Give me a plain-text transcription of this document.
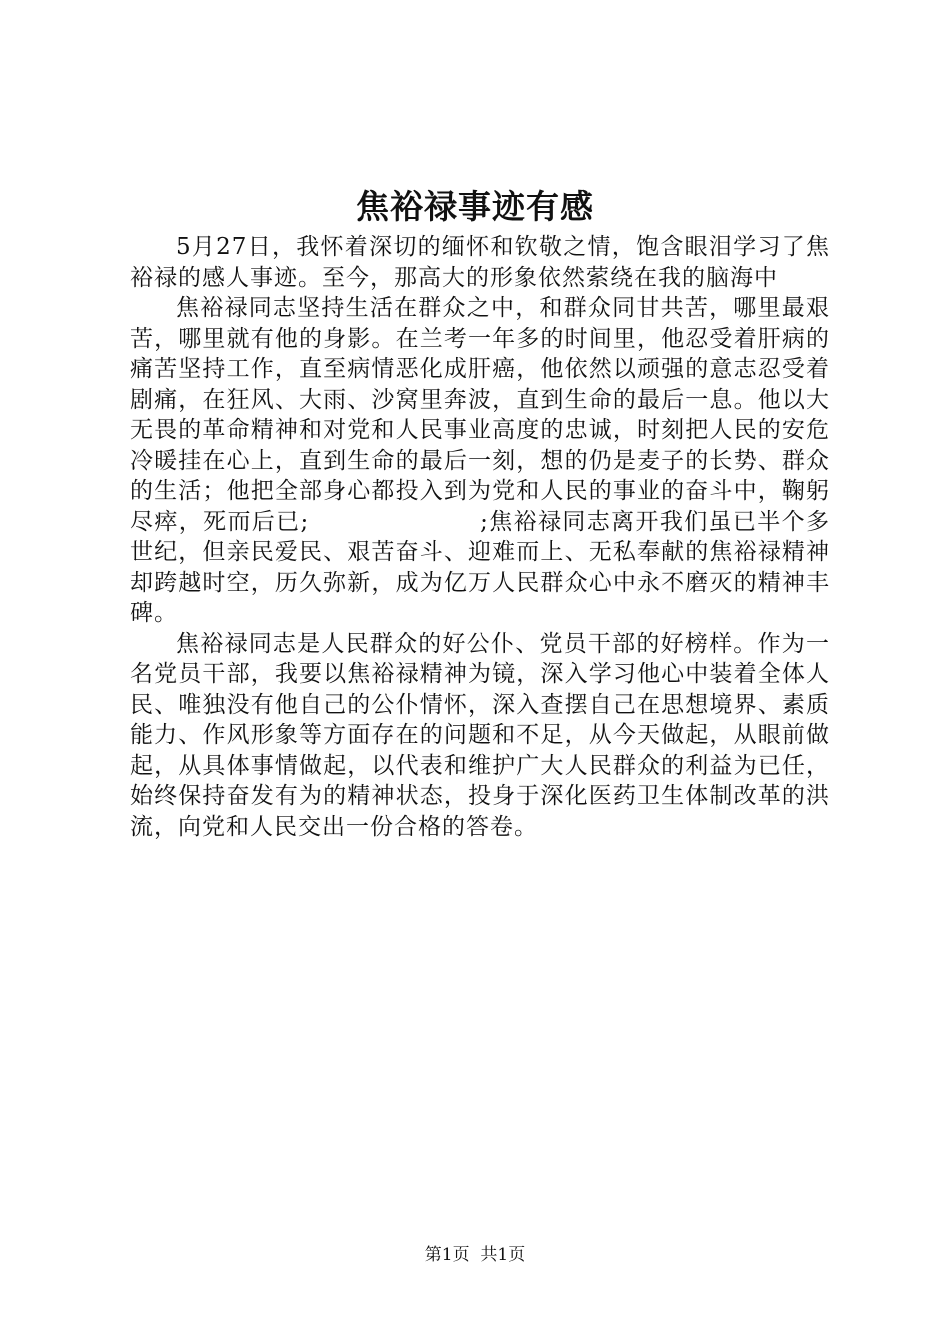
焦裕禄事迹有感

5月27日，我怀着深切的缅怀和钦敬之情，饱含眼泪学习了焦裕禄的感人事迹。至今，那高大的形象依然萦绕在我的脑海中

焦裕禄同志坚持生活在群众之中，和群众同甘共苦，哪里最艰苦，哪里就有他的身影。在兰考一年多的时间里，他忍受着肝病的痛苦坚持工作，直至病情恶化成肝癌，他依然以顽强的意志忍受着剧痛，在狂风、大雨、沙窝里奔波，直到生命的最后一息。他以大无畏的革命精神和对党和人民事业高度的忠诚，时刻把人民的安危冷暖挂在心上，直到生命的最后一刻，想的仍是麦子的长势、群众的生活；他把全部身心都投入到为党和人民的事业的奋斗中，鞠躬尽瘁，死而后已;　　　　　　　;焦裕禄同志离开我们虽已半个多世纪，但亲民爱民、艰苦奋斗、迎难而上、无私奉献的焦裕禄精神却跨越时空，历久弥新，成为亿万人民群众心中永不磨灭的精神丰碑。

焦裕禄同志是人民群众的好公仆、党员干部的好榜样。作为一名党员干部，我要以焦裕禄精神为镜，深入学习他心中装着全体人民、唯独没有他自己的公仆情怀，深入查摆自己在思想境界、素质能力、作风形象等方面存在的问题和不足，从今天做起，从眼前做起，从具体事情做起，以代表和维护广大人民群众的利益为已任，始终保持奋发有为的精神状态，投身于深化医药卫生体制改革的洪流，向党和人民交出一份合格的答卷。

第1页  共1页
